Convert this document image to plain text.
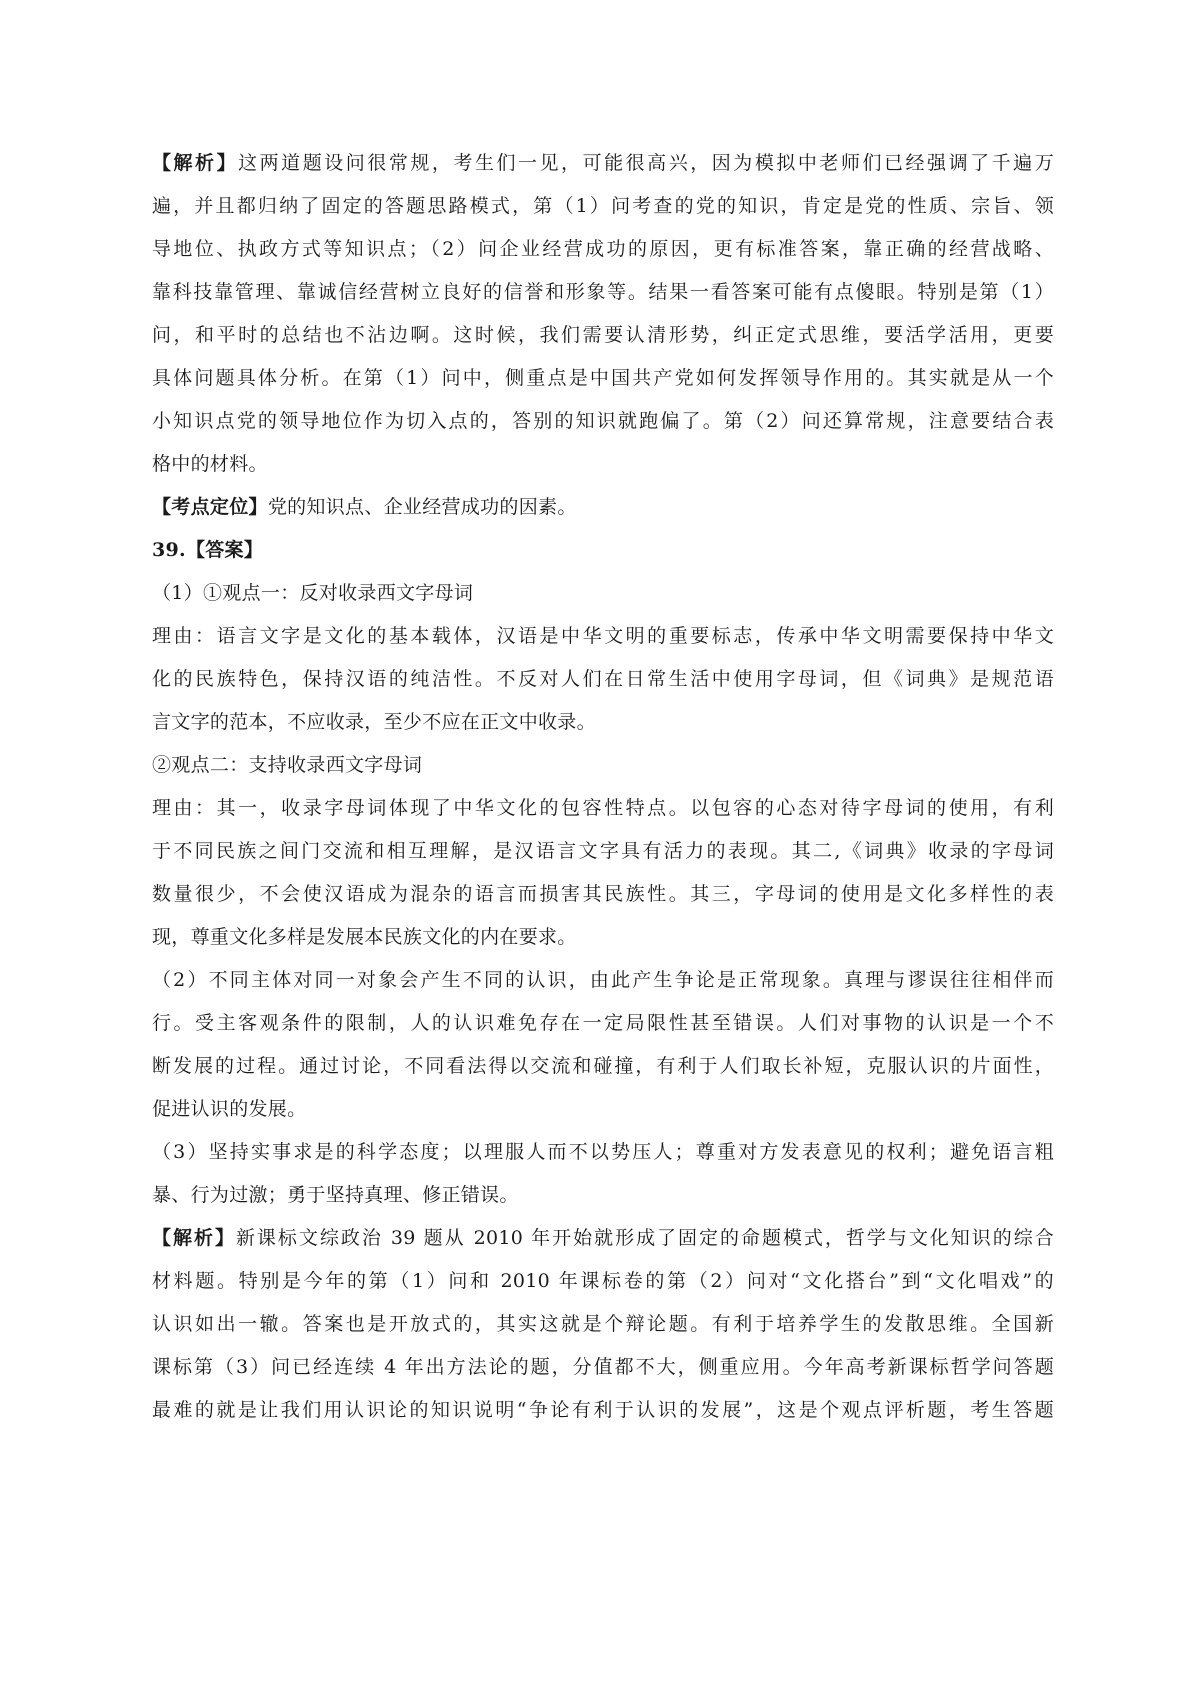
【解析】这两道题设问很常规，考生们一见，可能很高兴，因为模拟中老师们已经强调了千遍万
遍，并且都归纳了固定的答题思路模式，第（1）问考查的党的知识，肯定是党的性质、宗旨、领
导地位、执政方式等知识点；（2）问企业经营成功的原因，更有标准答案，靠正确的经营战略、
靠科技靠管理、靠诚信经营树立良好的信誉和形象等。结果一看答案可能有点傻眼。特别是第（1）
问，和平时的总结也不沾边啊。这时候，我们需要认清形势，纠正定式思维，要活学活用，更要
具体问题具体分析。在第（1）问中，侧重点是中国共产党如何发挥领导作用的。其实就是从一个
小知识点党的领导地位作为切入点的，答别的知识就跑偏了。第（2）问还算常规，注意要结合表
格中的材料。
【考点定位】党的知识点、企业经营成功的因素。
39.【答案】
（1）①观点一：反对收录西文字母词
理由：语言文字是文化的基本载体，汉语是中华文明的重要标志，传承中华文明需要保持中华文
化的民族特色，保持汉语的纯洁性。不反对人们在日常生活中使用字母词，但《词典》是规范语
言文字的范本，不应收录，至少不应在正文中收录。
②观点二：支持收录西文字母词
理由：其一，收录字母词体现了中华文化的包容性特点。以包容的心态对待字母词的使用，有利
于不同民族之间门交流和相互理解，是汉语言文字具有活力的表现。其二,《词典》收录的字母词
数量很少，不会使汉语成为混杂的语言而损害其民族性。其三，字母词的使用是文化多样性的表
现，尊重文化多样是发展本民族文化的内在要求。
（2）不同主体对同一对象会产生不同的认识，由此产生争论是正常现象。真理与谬误往往相伴而
行。受主客观条件的限制，人的认识难免存在一定局限性甚至错误。人们对事物的认识是一个不
断发展的过程。通过讨论，不同看法得以交流和碰撞，有利于人们取长补短，克服认识的片面性，
促进认识的发展。
（3）坚持实事求是的科学态度；以理服人而不以势压人；尊重对方发表意见的权利；避免语言粗
暴、行为过激；勇于坚持真理、修正错误。
【解析】新课标文综政治 39 题从 2010 年开始就形成了固定的命题模式，哲学与文化知识的综合
材料题。特别是今年的第（1）问和 2010 年课标卷的第（2）问对“文化搭台”到“文化唱戏”的
认识如出一辙。答案也是开放式的，其实这就是个辩论题。有利于培养学生的发散思维。全国新
课标第（3）问已经连续 4 年出方法论的题，分值都不大，侧重应用。今年高考新课标哲学问答题
最难的就是让我们用认识论的知识说明“争论有利于认识的发展”，这是个观点评析题，考生答题
